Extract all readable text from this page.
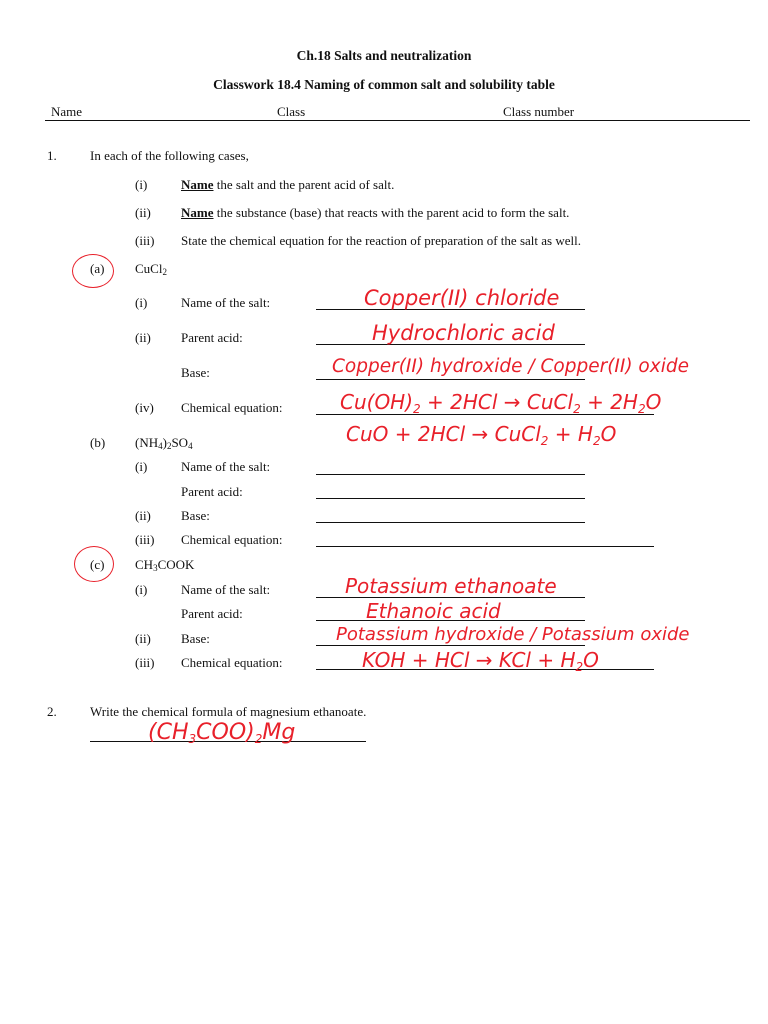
Ch.18 Salts and neutralization
Classwork 18.4 Naming of common salt and solubility table
Name	Class	Class number
1.	In each of the following cases,
(i)	Name the salt and the parent acid of salt.
(ii) Name the substance (base) that reacts with the parent acid to form the salt.
(iii) State the chemical equation for the reaction of preparation of the salt as well.
(a) CuCl$_2$
(i)	Name of the salt:	Copper(II) chloride
(ii) Parent acid:	Hydrochloric acid
Base:	Copper(II) hydroxide / Copper(II) oxide
(iv) Chemical equation:	$Cu(OH)_2 + 2HCl$ → CuCl$_2$ + $2H_2O$
CuO + 2HCl → CuCl$_2$ + $H_2O$
(b) $(NH_4)_2SO_4$
(i)	Name of the salt:
Parent acid:
(ii) Base:
(iii) Chemical equation:
(c) $CH_3COOK$
(i)	Name of the salt:	Potassium ethanoate
Parent acid:	Ethanoic acid
(ii) Base:	Potassium hydroxide / Potassium oxide
(iii) Chemical equation:	KOH + HCl → KCl + $H_2O$
2.	Write the chemical formula of magnesium ethanoate.
$(CH_3COO)_2Mg$
